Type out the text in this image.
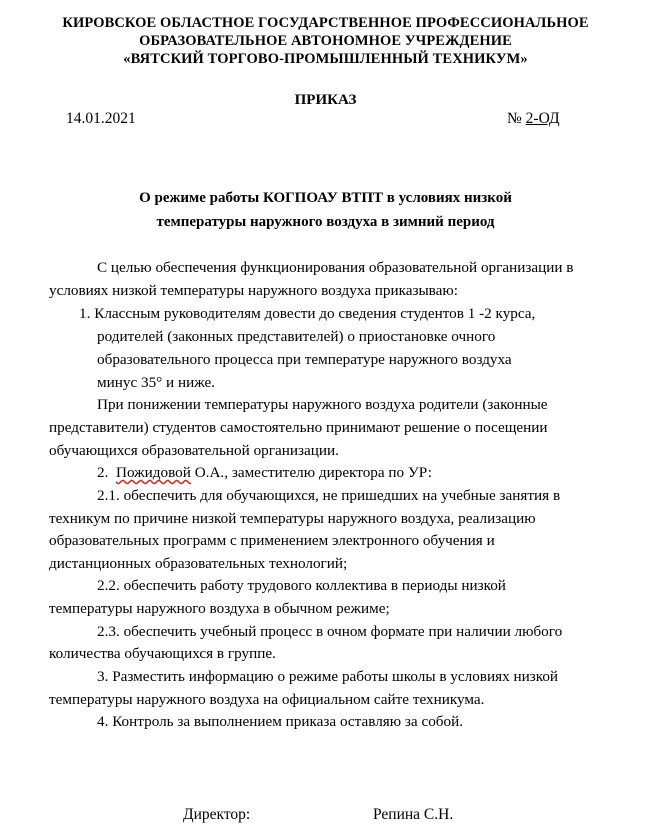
КИРОВСКОЕ ОБЛАСТНОЕ ГОСУДАРСТВЕННОЕ ПРОФЕССИОНАЛЬНОЕ
ОБРАЗОВАТЕЛЬНОЕ АВТОНОМНОЕ УЧРЕЖДЕНИЕ
«ВЯТСКИЙ ТОРГОВО-ПРОМЫШЛЕННЫЙ ТЕХНИКУМ»
ПРИКАЗ
14.01.2021	№ 2-ОД
О режиме работы КОГПОАУ ВТПТ в условиях низкой
температуры наружного воздуха в зимний период
С целью обеспечения функционирования образовательной организации в
условиях низкой температуры наружного воздуха приказываю:
1. Классным руководителям довести до сведения студентов 1 -2 курса,
родителей (законных представителей) о приостановке очного
образовательного процесса при температуре наружного воздуха
минус 35° и ниже.
При понижении температуры наружного воздуха родители (законные
представители) студентов самостоятельно принимают решение о посещении
обучающихся образовательной организации.
2. Пожидовой О.А., заместителю директора по УР:
2.1. обеспечить для обучающихся, не пришедших на учебные занятия в
техникум по причине низкой температуры наружного воздуха, реализацию
образовательных программ с применением электронного обучения и
дистанционных образовательных технологий;
2.2. обеспечить работу трудового коллектива в периоды низкой
температуры наружного воздуха в обычном режиме;
2.3. обеспечить учебный процесс в очном формате при наличии любого
количества обучающихся в группе.
3. Разместить информацию о режиме работы школы в условиях низкой
температуры наружного воздуха на официальном сайте техникума.
4. Контроль за выполнением приказа оставляю за собой.
Директор:	Репина С.Н.
